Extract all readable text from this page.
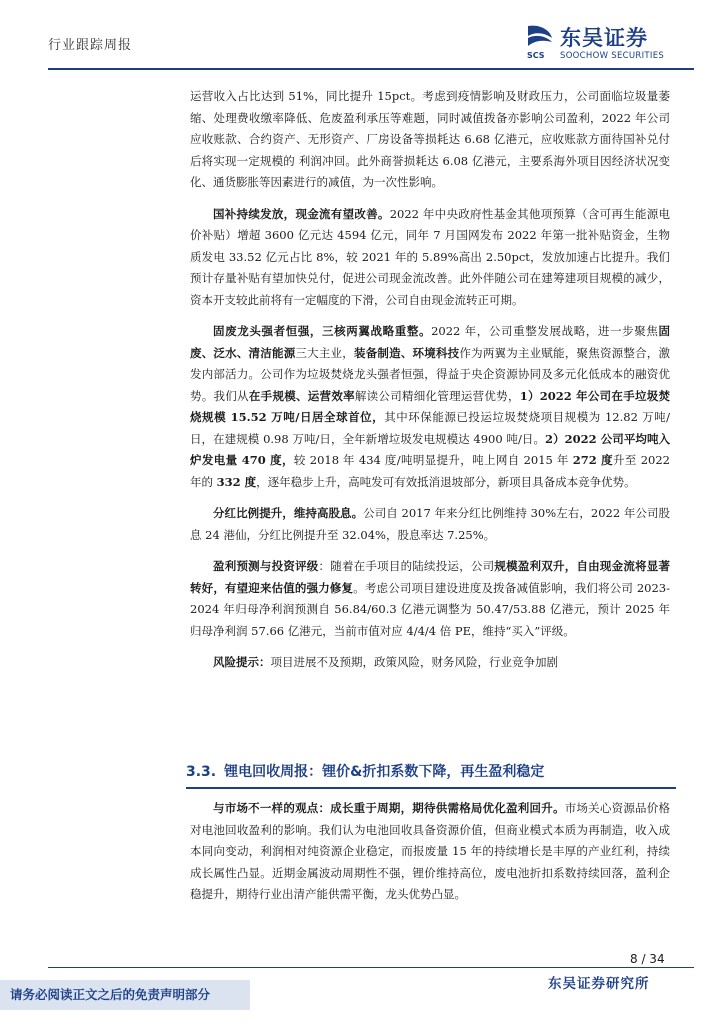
行业跟踪周报
SCS
东吴证券
SOOCHOW SECURITIES

运营收入占比达到 51%，同比提升 15pct。考虑到疫情影响及财政压力，公司面临垃圾量萎缩、处理费收缴率降低、危废盈利承压等难题，同时减值拨备亦影响公司盈利，2022 年公司应收账款、合约资产、无形资产、厂房设备等损耗达 6.68 亿港元，应收账款方面待国补兑付后将实现一定规模的 利润冲回。此外商誉损耗达 6.08 亿港元，主要系海外项目因经济状况变化、通货膨胀等因素进行的减值，为一次性影响。

国补持续发放，现金流有望改善。2022 年中央政府性基金其他项预算（含可再生能源电价补贴）增超 3600 亿元达 4594 亿元，同年 7 月国网发布 2022 年第一批补贴资金，生物质发电 33.52 亿元占比 8%，较 2021 年的 5.89%高出 2.50pct，发放加速占比提升。我们预计存量补贴有望加快兑付，促进公司现金流改善。此外伴随公司在建筹建项目规模的减少，资本开支较此前将有一定幅度的下滑，公司自由现金流转正可期。

固废龙头强者恒强，三核两翼战略重整。2022 年，公司重整发展战略，进一步聚焦固废、泛水、清洁能源三大主业，装备制造、环境科技作为两翼为主业赋能，聚焦资源整合，激发内部活力。公司作为垃圾焚烧龙头强者恒强，得益于央企资源协同及多元化低成本的融资优势。我们从在手规模、运营效率解读公司精细化管理运营优势，1）2022 年公司在手垃圾焚烧规模 15.52 万吨/日居全球首位，其中环保能源已投运垃圾焚烧项目规模为 12.82 万吨/日，在建规模 0.98 万吨/日，全年新增垃圾发电规模达 4900 吨/日。2）2022 公司平均吨入炉发电量 470 度，较 2018 年 434 度/吨明显提升，吨上网自 2015 年 272 度升至 2022 年的 332 度，逐年稳步上升，高吨发可有效抵消退坡部分，新项目具备成本竞争优势。

分红比例提升，维持高股息。公司自 2017 年来分红比例维持 30%左右，2022 年公司股息 24 港仙，分红比例提升至 32.04%，股息率达 7.25%。

盈利预测与投资评级：随着在手项目的陆续投运，公司规模盈利双升，自由现金流将显著转好，有望迎来估值的强力修复。考虑公司项目建设进度及拨备减值影响，我们将公司 2023-2024 年归母净利润预测自 56.84/60.3 亿港元调整为 50.47/53.88 亿港元，预计 2025 年归母净利润 57.66 亿港元，当前市值对应 4/4/4 倍 PE，维持“买入”评级。

风险提示：项目进展不及预期，政策风险，财务风险，行业竞争加剧

3.3. 锂电回收周报：锂价&折扣系数下降，再生盈利稳定

与市场不一样的观点：成长重于周期，期待供需格局优化盈利回升。市场关心资源品价格对电池回收盈利的影响。我们认为电池回收具备资源价值，但商业模式本质为再制造，收入成本同向变动，利润相对纯资源企业稳定，而报废量 15 年的持续增长是丰厚的产业红利，持续成长属性凸显。近期金属波动周期性不强，锂价维持高位，废电池折扣系数持续回落，盈利企稳提升，期待行业出清产能供需平衡，龙头优势凸显。

8 / 34
请务必阅读正文之后的免责声明部分
东吴证券研究所
